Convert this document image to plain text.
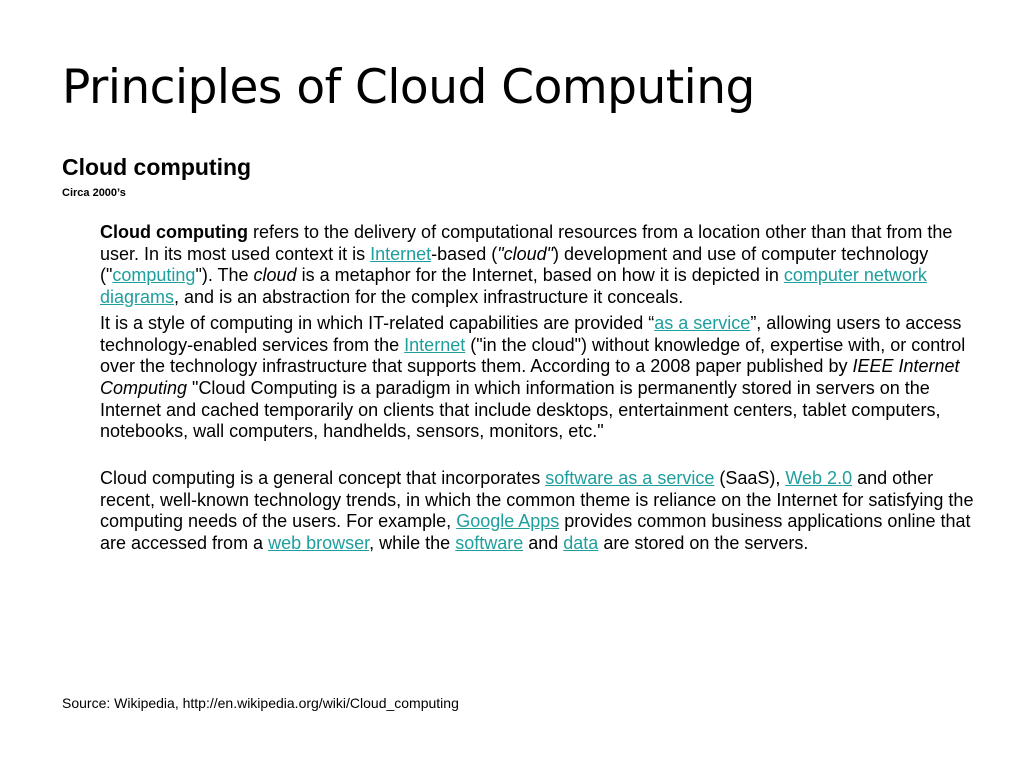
Principles of Cloud Computing
Cloud computing
Circa 2000’s

Cloud computing refers to the delivery of computational resources from a location other than that from the user. In its most used context it is Internet-based ("cloud") development and use of computer technology ("computing"). The cloud is a metaphor for the Internet, based on how it is depicted in computer network diagrams, and is an abstraction for the complex infrastructure it conceals.

It is a style of computing in which IT-related capabilities are provided “as a service”, allowing users to access technology-enabled services from the Internet ("in the cloud") without knowledge of, expertise with, or control over the technology infrastructure that supports them. According to a 2008 paper published by IEEE Internet Computing "Cloud Computing is a paradigm in which information is permanently stored in servers on the Internet and cached temporarily on clients that include desktops, entertainment centers, tablet computers, notebooks, wall computers, handhelds, sensors, monitors, etc."

Cloud computing is a general concept that incorporates software as a service (SaaS), Web 2.0 and other recent, well-known technology trends, in which the common theme is reliance on the Internet for satisfying the computing needs of the users. For example, Google Apps provides common business applications online that are accessed from a web browser, while the software and data are stored on the servers.

Source: Wikipedia, http://en.wikipedia.org/wiki/Cloud_computing
